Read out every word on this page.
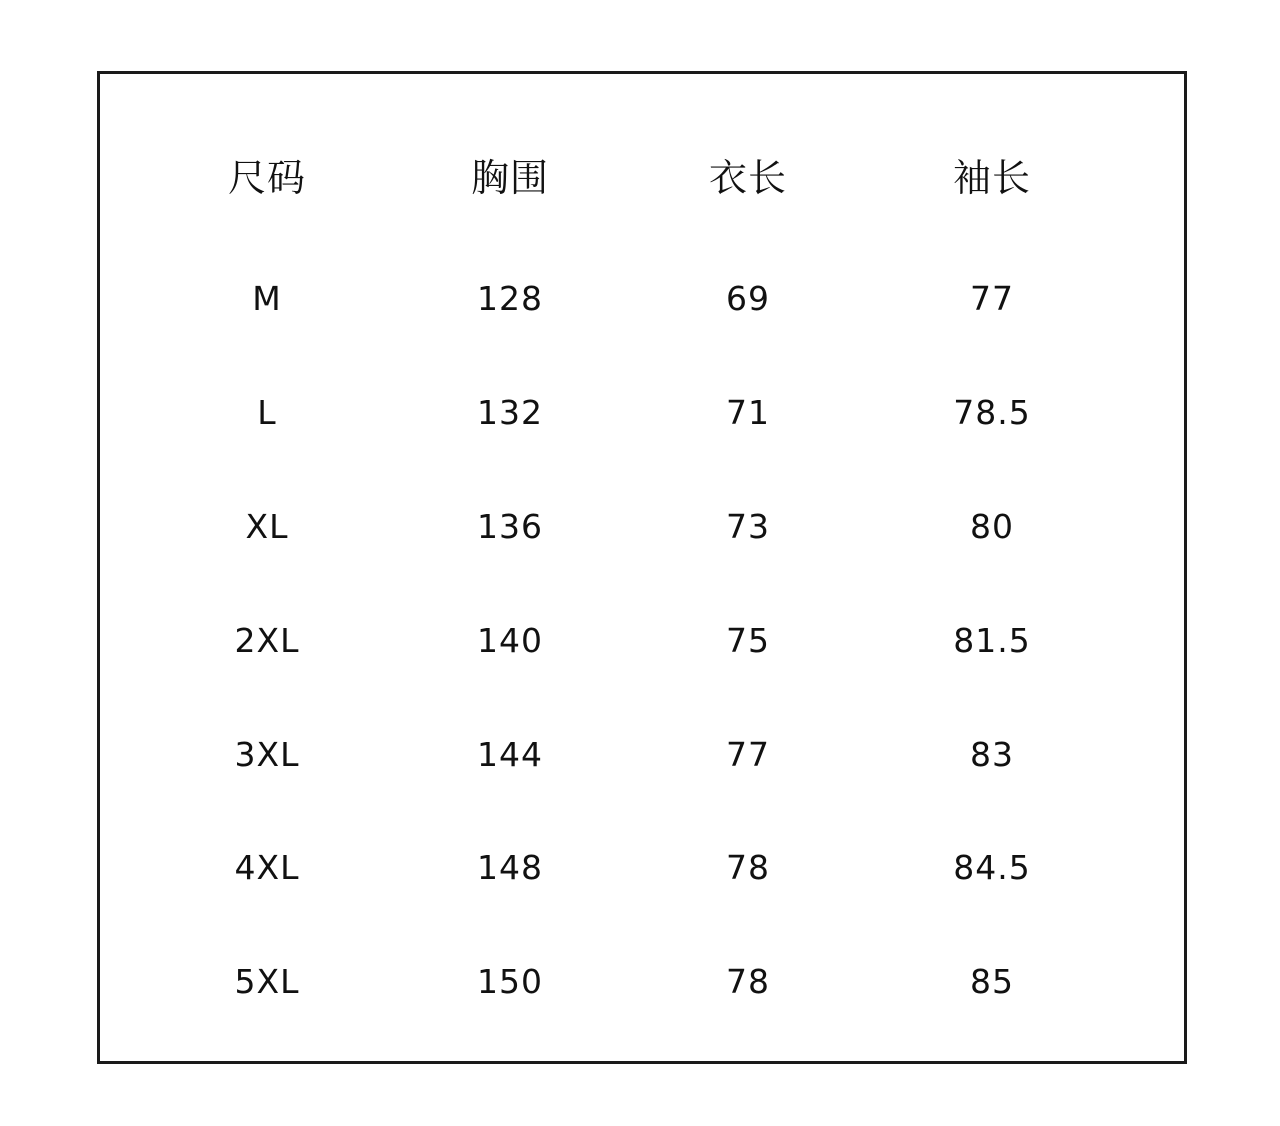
尺码	胸围	衣长	袖长
M	128	69	77
L	132	71	78.5
XL	136	73	80
2XL	140	75	81.5
3XL	144	77	83
4XL	148	78	84.5
5XL	150	78	85
